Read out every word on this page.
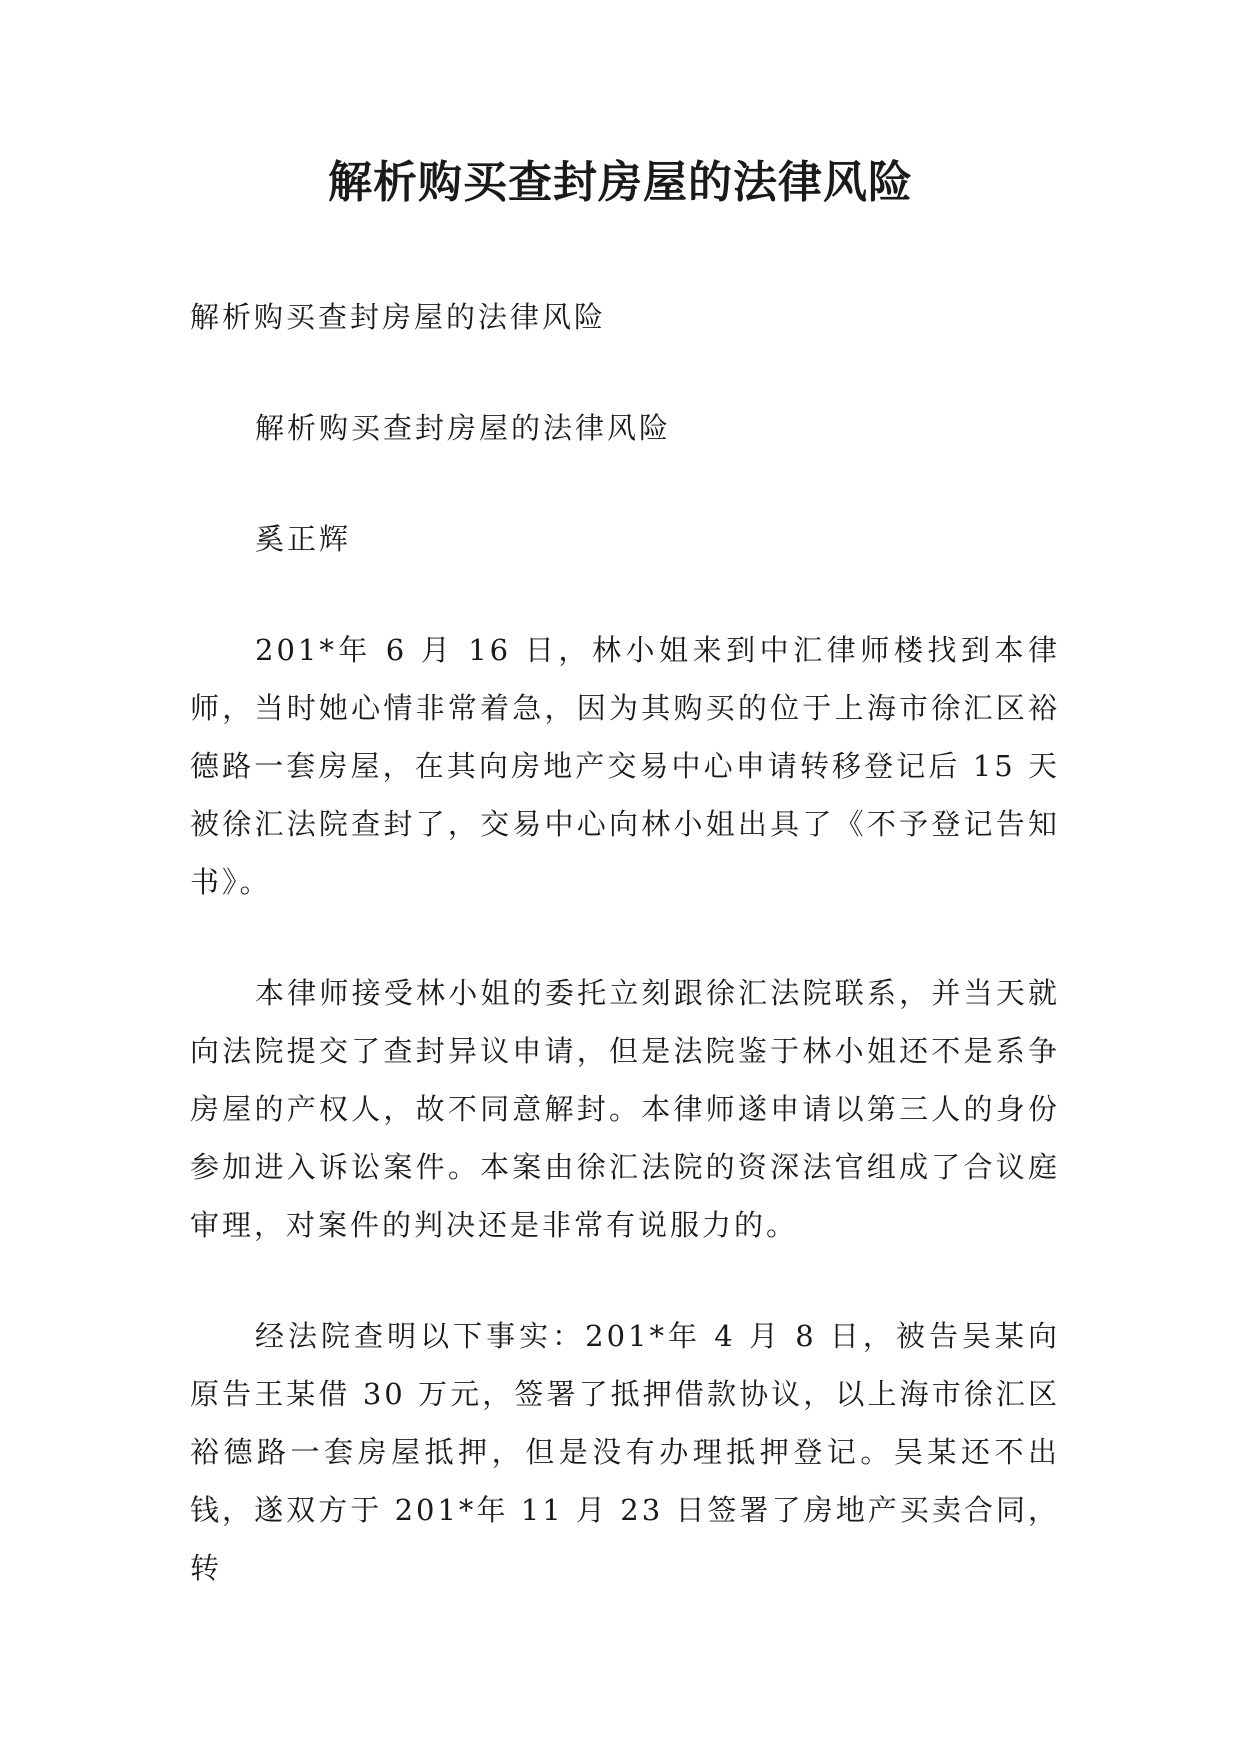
解析购买查封房屋的法律风险

解析购买查封房屋的法律风险

解析购买查封房屋的法律风险

奚正辉

201*年 6 月 16 日，林小姐来到中汇律师楼找到本律师，当时她心情非常着急，因为其购买的位于上海市徐汇区裕德路一套房屋，在其向房地产交易中心申请转移登记后 15 天被徐汇法院查封了，交易中心向林小姐出具了《不予登记告知书》。

本律师接受林小姐的委托立刻跟徐汇法院联系，并当天就向法院提交了查封异议申请，但是法院鉴于林小姐还不是系争房屋的产权人，故不同意解封。本律师遂申请以第三人的身份参加进入诉讼案件。本案由徐汇法院的资深法官组成了合议庭审理，对案件的判决还是非常有说服力的。

经法院查明以下事实：201*年 4 月 8 日，被告吴某向原告王某借 30 万元，签署了抵押借款协议，以上海市徐汇区裕德路一套房屋抵押，但是没有办理抵押登记。吴某还不出钱，遂双方于 201*年 11 月 23 日签署了房地产买卖合同，转
